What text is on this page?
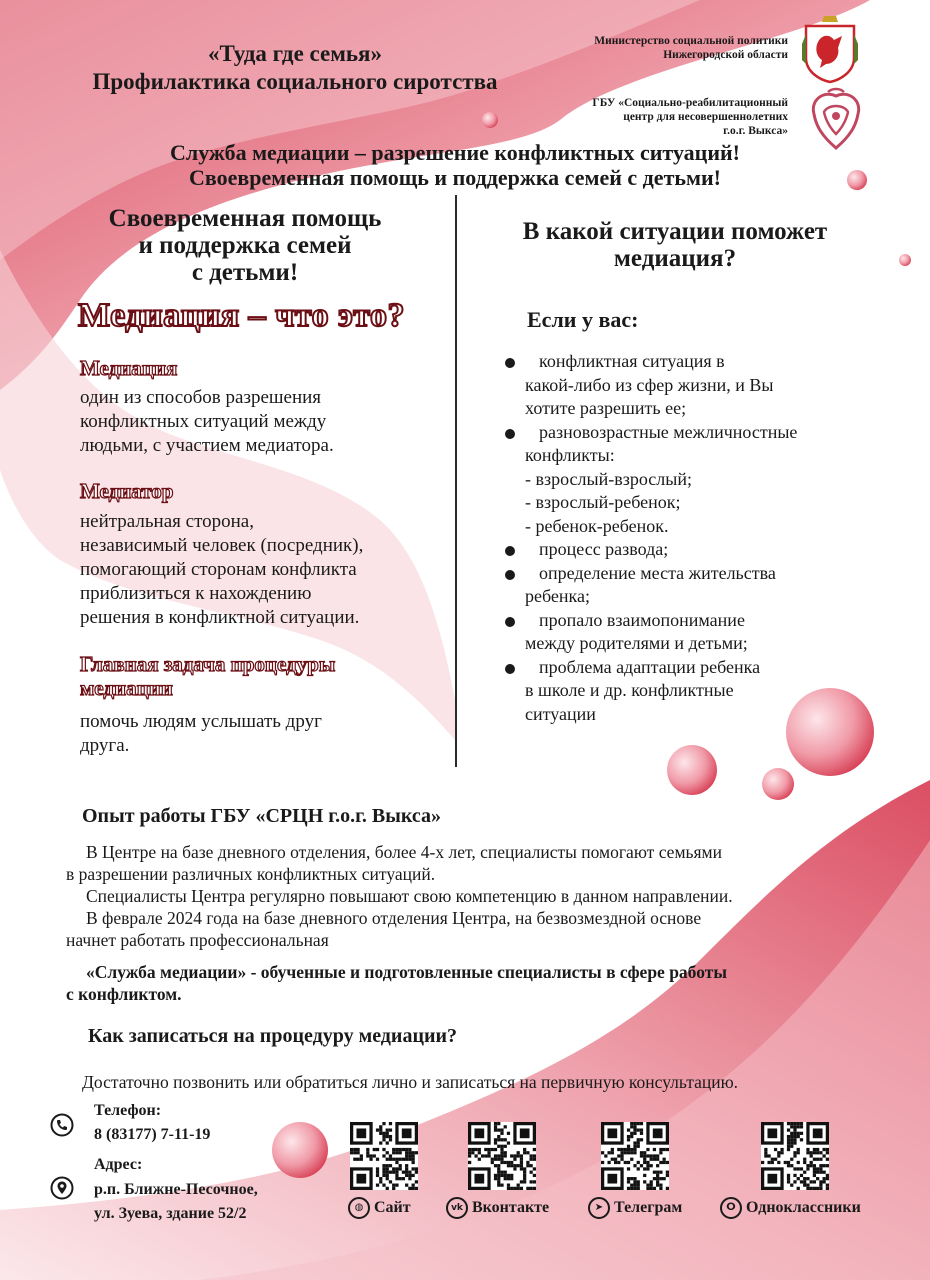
«Туда где семья»
Профилактика социального сиротства
Министерство социальной политики
Нижегородской области
ГБУ «Социально-реабилитационный
центр для несовершеннолетних
г.о.г. Выкса»
Служба медиации – разрешение конфликтных ситуаций!
Своевременная помощь и поддержка семей с детьми!
Своевременная помощь
и поддержка семей
с детьми!
Медиация – что это?
Медиация
один из способов разрешения
конфликтных ситуаций между
людьми, с участием медиатора.
Медиатор
нейтральная сторона,
независимый человек (посредник),
помогающий сторонам конфликта
приблизиться к нахождению
решения в конфликтной ситуации.
Главная задача процедуры
медиации
помочь людям услышать друг
друга.
В какой ситуации поможет
медиация?
Если у вас:
конфликтная ситуация в
какой-либо из сфер жизни, и Вы
хотите разрешить ее;
разновозрастные межличностные
конфликты:
- взрослый-взрослый;
- взрослый-ребенок;
- ребенок-ребенок.
процесс развода;
определение места жительства
ребенка;
пропало взаимопонимание
между родителями и детьми;
проблема адаптации ребенка
в школе и др. конфликтные
ситуации
Опыт работы ГБУ «СРЦН г.о.г. Выкса»
В Центре на базе дневного отделения, более 4-х лет, специалисты помогают семьями
в разрешении различных конфликтных ситуаций.
Специалисты Центра регулярно повышают свою компетенцию в данном направлении.
В феврале 2024 года на базе дневного отделения Центра, на безвозмездной основе
начнет работать профессиональная
«Служба медиации» - обученные и подготовленные специалисты в сфере работы
с конфликтом.
Как записаться на процедуру медиации?
Достаточно позвонить или обратиться лично и записаться на первичную консультацию.
Телефон:
8 (83177) 7-11-19
Адрес:
р.п. Ближне-Песочное,
ул. Зуева, здание 52/2	◍ Сайт	vk Вконтакте	➤ Телеграм	ⵔ Одноклассники
